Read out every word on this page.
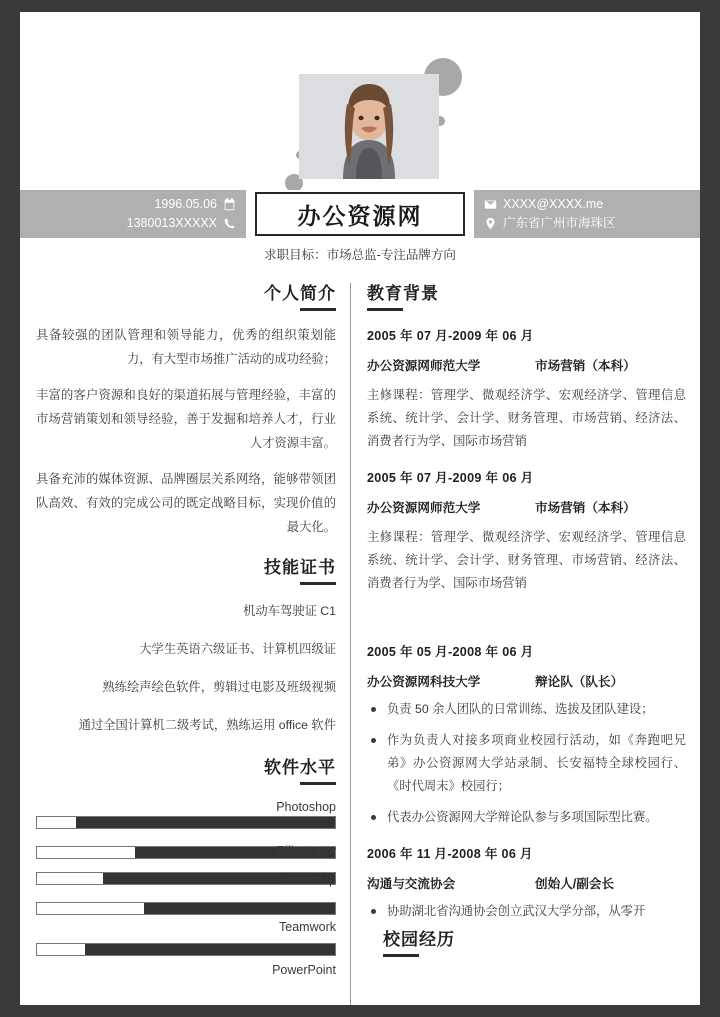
1996.05.06
1380013XXXXX	办公资源网	XXXX@XXXX.me
广东省广州市海珠区
求职目标：市场总监-专注品牌方向
个人简介

具备较强的团队管理和领导能力，优秀的组织策划能力，有大型市场推广活动的成功经验；

丰富的客户资源和良好的渠道拓展与管理经验，丰富的市场营销策划和领导经验，善于发掘和培养人才，行业人才资源丰富。

具备充沛的媒体资源、品牌圈层关系网络，能够带领团队高效、有效的完成公司的既定战略目标，实现价值的最大化。

技能证书
机动车驾驶证 C1
大学生英语六级证书、计算机四级证
熟练绘声绘色软件，剪辑过电影及班级视频
通过全国计算机二级考试，熟练运用 office 软件
软件水平
Photoshop
Rillustrator
leadership
Teamwork
PowerPoint
教育背景
2005 年 07 月-2009 年 06 月
办公资源网师范大学	市场营销（本科）
主修课程：管理学、微观经济学、宏观经济学、管理信息系统、统计学、会计学、财务管理、市场营销、经济法、消费者行为学、国际市场营销
2005 年 07 月-2009 年 06 月
办公资源网师范大学	市场营销（本科）
主修课程：管理学、微观经济学、宏观经济学、管理信息系统、统计学、会计学、财务管理、市场营销、经济法、消费者行为学、国际市场营销
校园经历
2005 年 05 月-2008 年 06 月
办公资源网科技大学	辩论队（队长）
负责 50 余人团队的日常训练、选拔及团队建设；
作为负责人对接多项商业校园行活动，如《奔跑吧兄弟》办公资源网大学站录制、长安福特全球校园行、《时代周末》校园行；
代表办公资源网大学辩论队参与多项国际型比赛。
2006 年 11 月-2008 年 06 月
沟通与交流协会	创始人/副会长
协助湖北省沟通协会创立武汉大学分部，从零开
